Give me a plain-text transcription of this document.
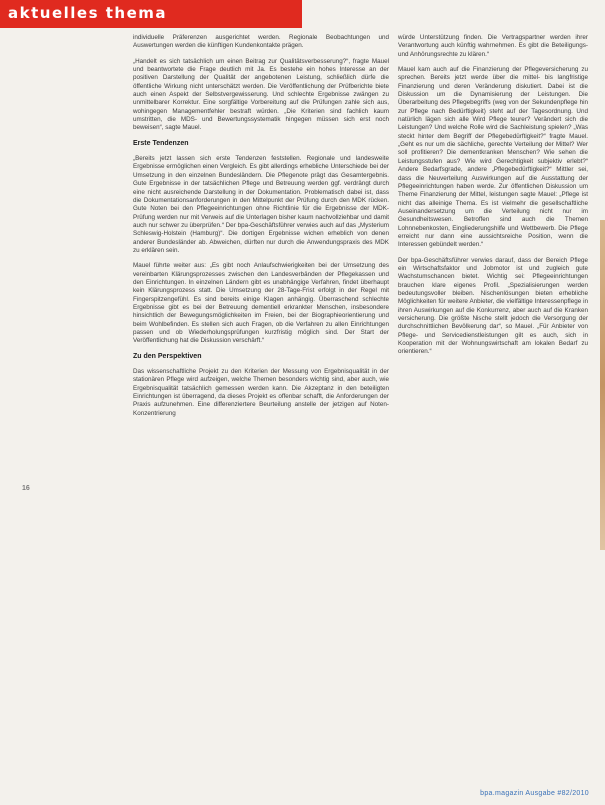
aktuelles thema

individuelle Präferenzen ausgerichtet werden. Regionale Beobachtungen und Auswertungen werden die künftigen Kundenkontakte prägen.

„Handelt es sich tatsächlich um einen Beitrag zur Qualitätsverbesserung?“, fragte Mauel und beantwortete die Frage deutlich mit Ja. Es bestehe ein hohes Interesse an der positiven Darstellung der Qualität der angebotenen Leistung, schließlich dürfe die öffentliche Wirkung nicht unterschätzt werden. Die Veröffentlichung der Prüfberichte biete auch einen Aspekt der Selbstvergewisserung. Und schlechte Ergebnisse zwängen zu unmittelbarer Korrektur. Eine sorgfältige Vorbereitung auf die Prüfungen zahle sich aus, wohingegen Managementfehler bestraft würden. „Die Kriterien sind fachlich kaum umstritten, die MDS- und Bewertungssystematik hingegen müssen sich erst noch beweisen“, sagte Mauel.

Erste Tendenzen

„Bereits jetzt lassen sich erste Tendenzen feststellen. Regionale und landesweite Ergebnisse ermöglichen einen Vergleich. Es gibt allerdings erhebliche Unterschiede bei der Umsetzung in den einzelnen Bundesländern. Die Pflegenote prägt das Gesamtergebnis. Gute Ergebnisse in der tatsächlichen Pflege und Betreuung werden ggf. verdrängt durch eine nicht ausreichende Darstellung in der Dokumentation. Problematisch dabei ist, dass die Dokumentationsanforderungen in den Mittelpunkt der Prüfung durch den MDK rücken. Gute Noten bei den Pflegeeinrichtungen ohne Richtlinie für die Ergebnisse der MDK-Prüfung werden nur mit Verweis auf die Unterlagen bisher kaum nachvollziehbar und damit auch nur schwer zu überprüfen.“ Der bpa-Geschäftsführer verwies auch auf das „Mysterium Schleswig-Holstein (Hamburg)“. Die dortigen Ergebnisse wichen erheblich von denen anderer Bundesländer ab. Abweichen, dürften nur durch die Anwendungspraxis des MDK zu erklären sein.

Mauel führte weiter aus: „Es gibt noch Anlaufschwierigkeiten bei der Umsetzung des vereinbarten Klärungsprozesses zwischen den Landesverbänden der Pflegekassen und den Einrichtungen. In einzelnen Ländern gibt es unabhängige Verfahren, findet überhaupt kein Klärungsprozess statt. Die Umsetzung der 28-Tage-Frist erfolgt in der Regel mit Fingerspitzengefühl. Es sind bereits einige Klagen anhängig. Überraschend schlechte Ergebnisse gibt es bei der Betreuung dementiell erkrankter Menschen, insbesondere hinsichtlich der Bewegungsmöglichkeiten im Freien, bei der Biographieorientierung und beim Wohlbefinden. Es stellen sich auch Fragen, ob die Verfahren zu allen Einrichtungen passen und ob Wiederholungsprüfungen kurzfristig möglich sind. Der Start der Veröffentlichung hat die Diskussion verschärft.“

Zu den Perspektiven

Das wissenschaftliche Projekt zu den Kriterien der Messung von Ergebnisqualität in der stationären Pflege wird aufzeigen, welche Themen besonders wichtig sind, aber auch, wie Ergebnisqualität tatsächlich gemessen werden kann. Die Akzeptanz in den beteiligten Einrichtungen ist überragend, da dieses Projekt es offenbar schafft, die Anforderungen der Praxis aufzunehmen. Eine differenziertere Beurteilung anstelle der jetzigen auf Noten-Konzentrierung

würde Unterstützung finden. Die Vertragspartner werden ihrer Verantwortung auch künftig wahrnehmen. Es gibt die Beteiligungs- und Anhörungsrechte zu klären.“

Mauel kam auch auf die Finanzierung der Pflegeversicherung zu sprechen. Bereits jetzt werde über die mittel- bis langfristige Finanzierung und deren Veränderung diskutiert. Dabei ist die Diskussion um die Dynamisierung der Leistungen. Die Überarbeitung des Pflegebegriffs (weg von der Sekundenpflege hin zur Pflege nach Bedürftigkeit) steht auf der Tagesordnung. Und natürlich lägen sich alle Wird Pflege teurer? Verändert sich die Leistungen? Und welche Rolle wird die Sachleistung spielen? „Was steckt hinter dem Begriff der Pflegebedürftigkeit?“ fragte Mauel. „Geht es nur um die sächliche, gerechte Verteilung der Mittel? Wer soll profitieren? Die dementkranken Menschen? Wie sehen die Leistungsstufen aus? Wie wird Gerechtigkeit subjektiv erlebt?“ Andere Bedarfsgrade, andere „Pflegebedürftigkeit?“ Mittler sei, dass die Neuverteilung Auswirkungen auf die Ausstattung der Pflegeeinrichtungen haben werde. Zur öffentlichen Diskussion um Theme Finanzierung der Mittel, leistungen sagte Mauel: „Pflege ist nicht das alleinige Thema. Es ist vielmehr die gesellschaftliche Auseinandersetzung um die Verteilung nicht nur im Gesundheitswesen. Betroffen sind auch die Themen Lohnnebenkosten, Eingliederungshilfe und Wettbewerb. Die Pflege erreicht nur dann eine aussichtsreiche Position, wenn die Interessen gebündelt werden.“

Der bpa-Geschäftsführer verwies darauf, dass der Bereich Pflege ein Wirtschaftsfaktor und Jobmotor ist und zugleich gute Wachstumschancen bietet. Wichtig sei: Pflegeeinrichtungen brauchen klare eigenes Profil. „Spezialisierungen werden bedeutungsvoller bleiben. Nischenlösungen bieten erhebliche Möglichkeiten für weitere Anbieter, die vielfältige Interessenpflege in ihren Auswirkungen auf die Konkurrenz, aber auch auf die Kranken versicherung. Die größte Nische stellt jedoch die Versorgung der durchschnittlichen Bevölkerung dar“, so Mauel. „Für Anbieter von Pflege- und Servicedienstleistungen gilt es auch, sich in Kooperation mit der Wohnungswirtschaft am lokalen Bedarf zu orientieren.“

16
bpa.magazin Ausgabe #82/2010
